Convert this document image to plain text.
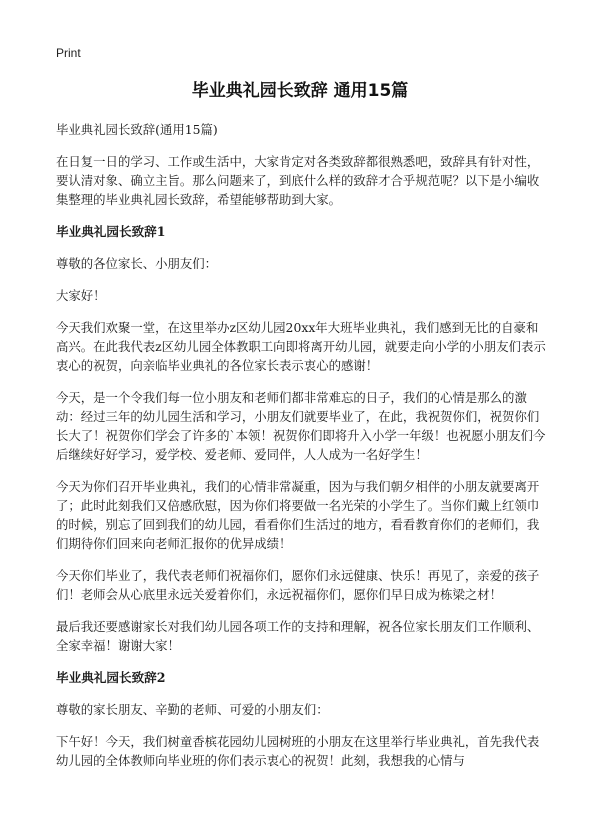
Print
毕业典礼园长致辞 通用15篇

毕业典礼园长致辞(通用15篇)

在日复一日的学习、工作或生活中，大家肯定对各类致辞都很熟悉吧，致辞具有针对性，要认清对象、确立主旨。那么问题来了，到底什么样的致辞才合乎规范呢？以下是小编收集整理的毕业典礼园长致辞，希望能够帮助到大家。

毕业典礼园长致辞1

尊敬的各位家长、小朋友们：

大家好！

今天我们欢聚一堂，在这里举办z区幼儿园20xx年大班毕业典礼，我们感到无比的自豪和高兴。在此我代表z区幼儿园全体教职工向即将离开幼儿园，就要走向小学的小朋友们表示衷心的祝贺，向亲临毕业典礼的各位家长表示衷心的感谢！

今天，是一个令我们每一位小朋友和老师们都非常难忘的日子，我们的心情是那么的激动：经过三年的幼儿园生活和学习，小朋友们就要毕业了，在此，我祝贺你们，祝贺你们长大了！祝贺你们学会了许多的`本领！祝贺你们即将升入小学一年级！也祝愿小朋友们今后继续好好学习，爱学校、爱老师、爱同伴，人人成为一名好学生！

今天为你们召开毕业典礼，我们的心情非常凝重，因为与我们朝夕相伴的小朋友就要离开了；此时此刻我们又倍感欣慰，因为你们将要做一名光荣的小学生了。当你们戴上红领巾的时候，别忘了回到我们的幼儿园，看看你们生活过的地方，看看教育你们的老师们，我们期待你们回来向老师汇报你的优异成绩！

今天你们毕业了，我代表老师们祝福你们，愿你们永远健康、快乐！再见了，亲爱的孩子们！老师会从心底里永远关爱着你们，永远祝福你们，愿你们早日成为栋梁之材！

最后我还要感谢家长对我们幼儿园各项工作的支持和理解，祝各位家长朋友们工作顺利、全家幸福！谢谢大家！

毕业典礼园长致辞2

尊敬的家长朋友、辛勤的老师、可爱的小朋友们：

下午好！今天，我们树童香槟花园幼儿园树班的小朋友在这里举行毕业典礼，首先我代表幼儿园的全体教师向毕业班的你们表示衷心的祝贺！此刻，我想我的心情与
